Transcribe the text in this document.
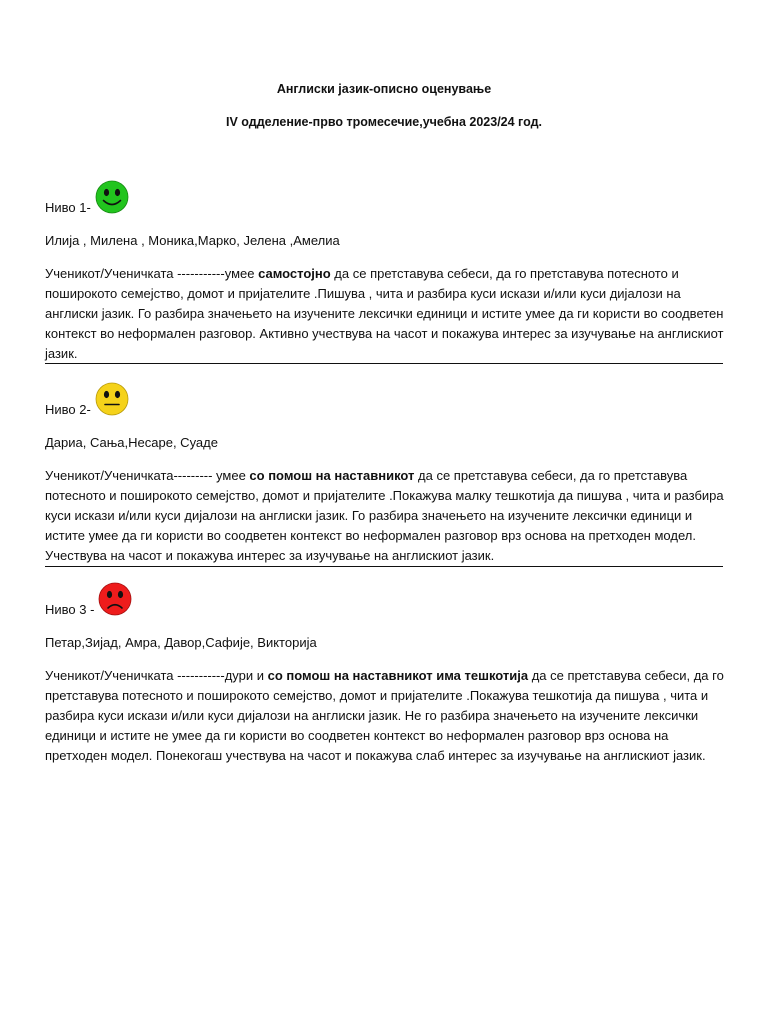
Англиски јазик-описно оценување
IV одделение-прво тромесечие,учебна 2023/24 год.
Ниво 1-
Илија , Милена , Моника,Марко, Јелена ,Амелиа

Ученикот/Ученичката -----------умее самостојно да се претставува себеси, да го претставува потесното и поширокото семејство, домот и пријателите .Пишува , чита и разбира куси искази и/или куси дијалози на англиски јазик. Го разбира значењето на изучените лексички единици и истите умее да ги користи во соодветен контекст во неформален разговор. Активно учествува на часот и покажува интерес за изучување на англискиот јазик.

Ниво 2-
Дариа, Сања,Несаре, Суаде

Ученикот/Ученичката--------- умее со помош на наставникот да се претставува себеси, да го претставува потесното и поширокото семејство, домот и пријателите .Покажува малку тешкотија да пишува , чита и разбира куси искази и/или куси дијалози на англиски јазик. Го разбира значењето на изучените лексички единици и истите умее да ги користи во соодветен контекст во неформален разговор врз основа на претходен модел. Учествува на часот и покажува интерес за изучување на англискиот јазик.

Ниво 3 -
Петар,Зијад, Амра, Давор,Сафије, Викторија

Ученикот/Ученичката -----------дури и со помош на наставникот има тешкотија да се претставува себеси, да го претставува потесното и поширокото семејство, домот и пријателите .Покажува тешкотија да пишува , чита и разбира куси искази и/или куси дијалози на англиски јазик. Не го разбира значењето на изучените лексички единици и истите не умее да ги користи во соодветен контекст во неформален разговор врз основа на претходен модел. Понекогаш учествува на часот и покажува слаб интерес за изучување на англискиот јазик.
